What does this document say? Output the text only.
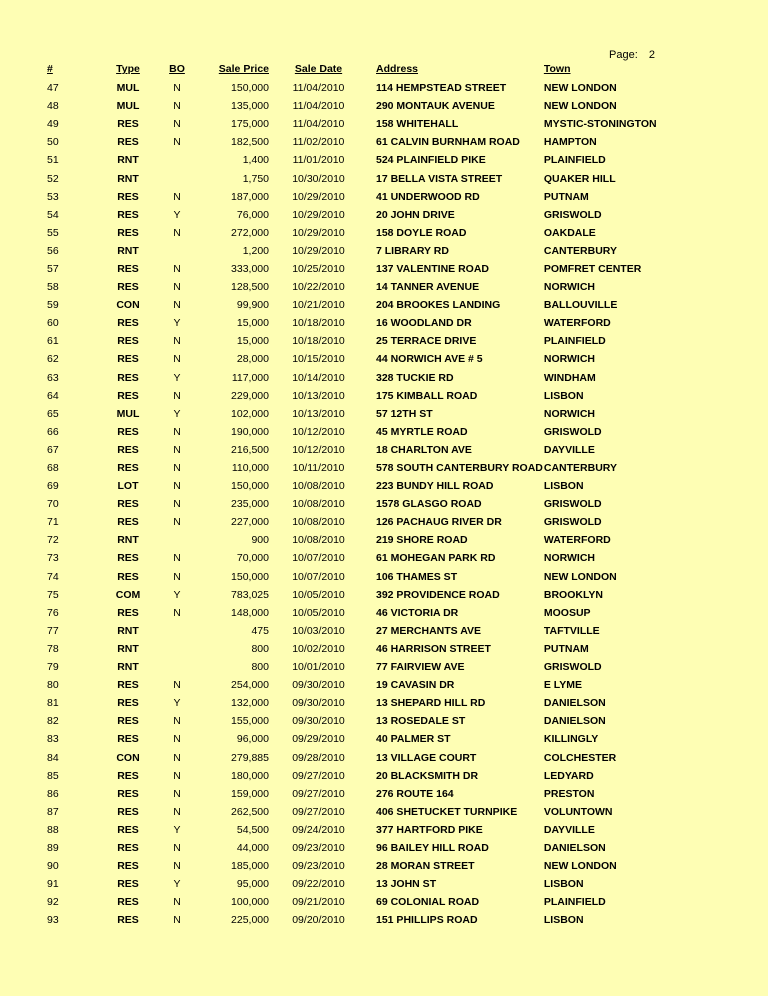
Page: 2
#	Type	BO	Sale Price	Sale Date	Address	Town
47	MUL	N	150,000	11/04/2010	114 HEMPSTEAD STREET	NEW LONDON
48	MUL	N	135,000	11/04/2010	290 MONTAUK AVENUE	NEW LONDON
49	RES	N	175,000	11/04/2010	158 WHITEHALL	MYSTIC-STONINGTON
50	RES	N	182,500	11/02/2010	61 CALVIN BURNHAM ROAD	HAMPTON
51	RNT		1,400	11/01/2010	524 PLAINFIELD PIKE	PLAINFIELD
52	RNT		1,750	10/30/2010	17 BELLA VISTA STREET	QUAKER HILL
53	RES	N	187,000	10/29/2010	41 UNDERWOOD RD	PUTNAM
54	RES	Y	76,000	10/29/2010	20 JOHN DRIVE	GRISWOLD
55	RES	N	272,000	10/29/2010	158 DOYLE ROAD	OAKDALE
56	RNT		1,200	10/29/2010	7 LIBRARY RD	CANTERBURY
57	RES	N	333,000	10/25/2010	137 VALENTINE ROAD	POMFRET CENTER
58	RES	N	128,500	10/22/2010	14 TANNER AVENUE	NORWICH
59	CON	N	99,900	10/21/2010	204 BROOKES LANDING	BALLOUVILLE
60	RES	Y	15,000	10/18/2010	16 WOODLAND DR	WATERFORD
61	RES	N	15,000	10/18/2010	25 TERRACE DRIVE	PLAINFIELD
62	RES	N	28,000	10/15/2010	44 NORWICH AVE # 5	NORWICH
63	RES	Y	117,000	10/14/2010	328 TUCKIE RD	WINDHAM
64	RES	N	229,000	10/13/2010	175 KIMBALL ROAD	LISBON
65	MUL	Y	102,000	10/13/2010	57 12TH ST	NORWICH
66	RES	N	190,000	10/12/2010	45 MYRTLE ROAD	GRISWOLD
67	RES	N	216,500	10/12/2010	18 CHARLTON AVE	DAYVILLE
68	RES	N	110,000	10/11/2010	578 SOUTH CANTERBURY ROAD	CANTERBURY
69	LOT	N	150,000	10/08/2010	223 BUNDY HILL ROAD	LISBON
70	RES	N	235,000	10/08/2010	1578 GLASGO ROAD	GRISWOLD
71	RES	N	227,000	10/08/2010	126 PACHAUG RIVER DR	GRISWOLD
72	RNT		900	10/08/2010	219 SHORE ROAD	WATERFORD
73	RES	N	70,000	10/07/2010	61 MOHEGAN PARK RD	NORWICH
74	RES	N	150,000	10/07/2010	106 THAMES ST	NEW LONDON
75	COM	Y	783,025	10/05/2010	392 PROVIDENCE ROAD	BROOKLYN
76	RES	N	148,000	10/05/2010	46 VICTORIA DR	MOOSUP
77	RNT		475	10/03/2010	27 MERCHANTS AVE	TAFTVILLE
78	RNT		800	10/02/2010	46 HARRISON STREET	PUTNAM
79	RNT		800	10/01/2010	77 FAIRVIEW AVE	GRISWOLD
80	RES	N	254,000	09/30/2010	19 CAVASIN DR	E LYME
81	RES	Y	132,000	09/30/2010	13 SHEPARD HILL RD	DANIELSON
82	RES	N	155,000	09/30/2010	13 ROSEDALE ST	DANIELSON
83	RES	N	96,000	09/29/2010	40 PALMER ST	KILLINGLY
84	CON	N	279,885	09/28/2010	13 VILLAGE COURT	COLCHESTER
85	RES	N	180,000	09/27/2010	20 BLACKSMITH DR	LEDYARD
86	RES	N	159,000	09/27/2010	276 ROUTE 164	PRESTON
87	RES	N	262,500	09/27/2010	406 SHETUCKET TURNPIKE	VOLUNTOWN
88	RES	Y	54,500	09/24/2010	377 HARTFORD PIKE	DAYVILLE
89	RES	N	44,000	09/23/2010	96 BAILEY HILL ROAD	DANIELSON
90	RES	N	185,000	09/23/2010	28 MORAN STREET	NEW LONDON
91	RES	Y	95,000	09/22/2010	13 JOHN ST	LISBON
92	RES	N	100,000	09/21/2010	69 COLONIAL ROAD	PLAINFIELD
93	RES	N	225,000	09/20/2010	151 PHILLIPS ROAD	LISBON
